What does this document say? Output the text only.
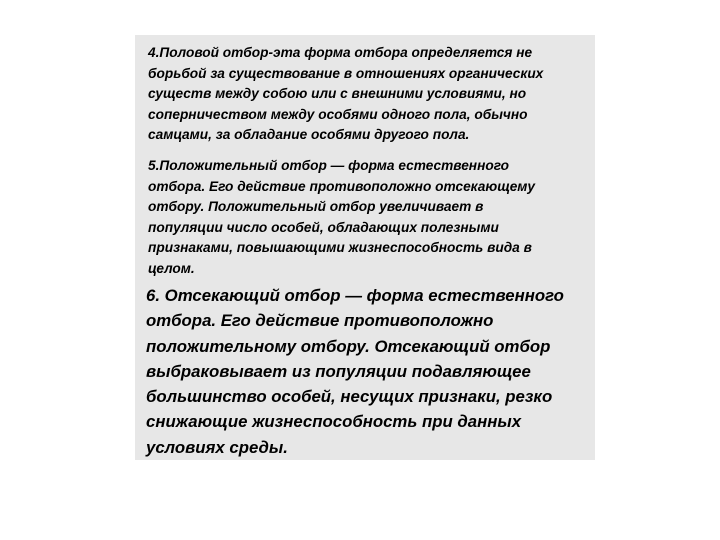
4.Половой отбор-эта форма отбора определяется не
борьбой за существование в отношениях органических
существ между собою или с внешними условиями, но
соперничеством между особями одного пола, обычно
самцами, за обладание особями другого пола.
5.Положительный отбор — форма естественного
отбора. Его действие противоположно отсекающему
отбору. Положительный отбор увеличивает в
популяции число особей, обладающих полезными
признаками, повышающими жизнеспособность вида в
целом.
6. Отсекающий отбор — форма естественного
отбора. Его действие противоположно
положительному отбору. Отсекающий отбор
выбраковывает из популяции подавляющее
большинство особей, несущих признаки, резко
снижающие жизнеспособность при данных
условиях среды.
